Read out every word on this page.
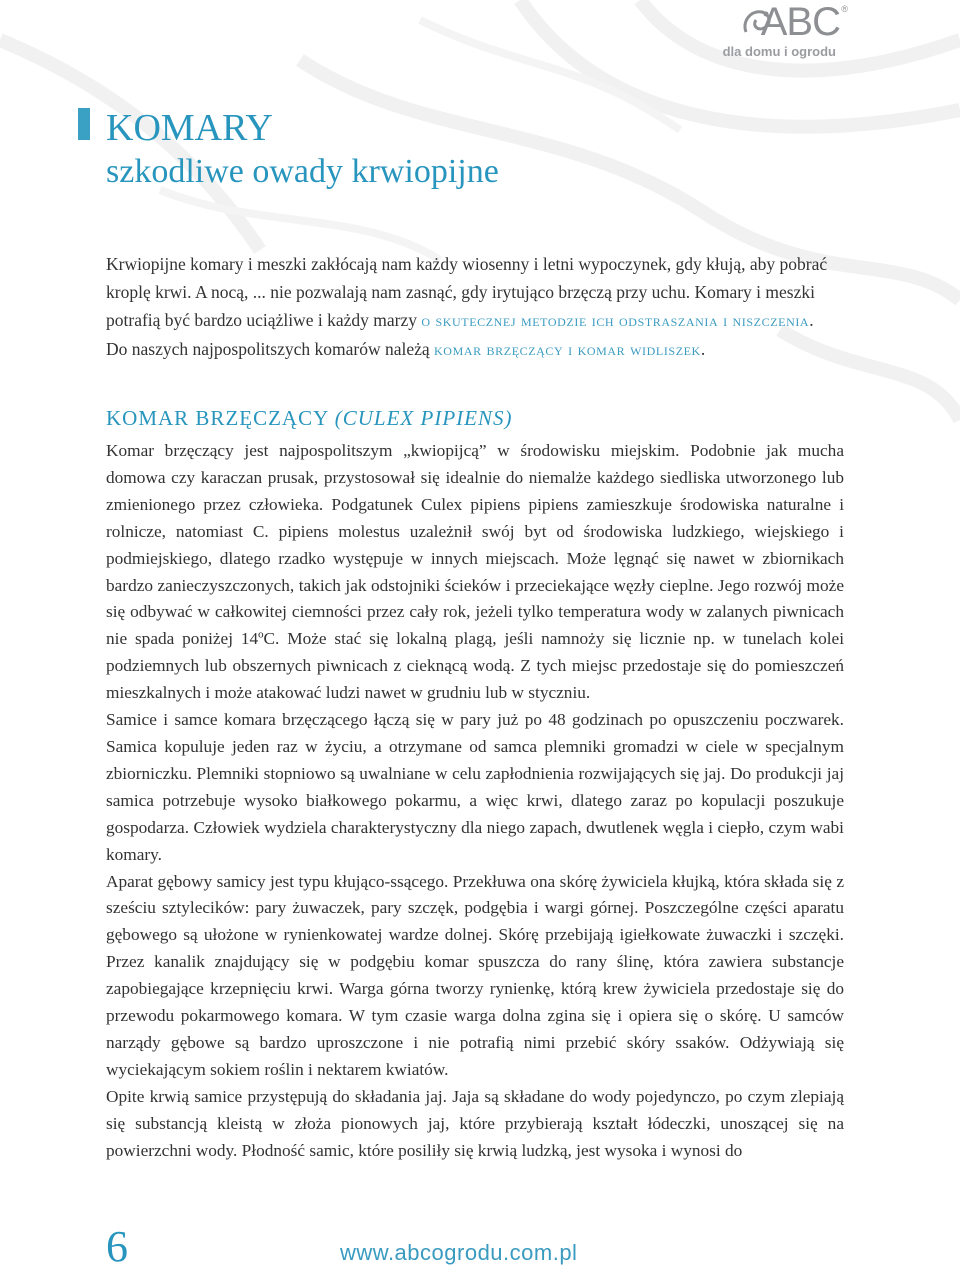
ABC ®
dla domu i ogrodu
KOMARY
szkodliwe owady krwiopijne
Krwiopijne komary i meszki zakłócają nam każdy wiosenny i letni wypoczynek, gdy kłują, aby pobrać kroplę krwi. A nocą, ... nie pozwalają nam zasnąć, gdy irytująco brzęczą przy uchu. Komary i meszki potrafią być bardzo uciążliwe i każdy marzy o skutecznej metodzie ich odstraszania i niszczenia.
Do naszych najpospolitszych komarów należą komar brzęczący i komar widliszek.
KOMAR BRZĘCZĄCY (CULEX PIPIENS)

Komar brzęczący jest najpospolitszym „kwiopijcą” w środowisku miejskim. Podobnie jak mucha domowa czy karaczan prusak, przystosował się idealnie do niemalże każdego siedliska utworzonego lub zmienionego przez człowieka. Podgatunek Culex pipiens pipiens zamieszkuje środowiska naturalne i rolnicze, natomiast C. pipiens molestus uzależnił swój byt od środowiska ludzkiego, wiejskiego i podmiejskiego, dlatego rzadko występuje w innych miejscach. Może lęgnąć się nawet w zbiornikach bardzo zanieczyszczonych, takich jak odstojniki ścieków i przeciekające węzły cieplne. Jego rozwój może się odbywać w całkowitej ciemności przez cały rok, jeżeli tylko temperatura wody w zalanych piwnicach nie spada poniżej 14ºC. Może stać się lokalną plagą, jeśli namnoży się licznie np. w tunelach kolei podziemnych lub obszernych piwnicach z cieknącą wodą. Z tych miejsc przedostaje się do pomieszczeń mieszkalnych i może atakować ludzi nawet w grudniu lub w styczniu.

Samice i samce komara brzęczącego łączą się w pary już po 48 godzinach po opuszczeniu poczwarek. Samica kopuluje jeden raz w życiu, a otrzymane od samca plemniki gromadzi w ciele w specjalnym zbiorniczku. Plemniki stopniowo są uwalniane w celu zapłodnienia rozwijających się jaj. Do produkcji jaj samica potrzebuje wysoko białkowego pokarmu, a więc krwi, dlatego zaraz po kopulacji poszukuje gospodarza. Człowiek wydziela charakterystyczny dla niego zapach, dwutlenek węgla i ciepło, czym wabi komary.

Aparat gębowy samicy jest typu kłująco-ssącego. Przekłuwa ona skórę żywiciela kłujką, która składa się z sześciu sztylecików: pary żuwaczek, pary szczęk, podgębia i wargi górnej. Poszczególne części aparatu gębowego są ułożone w rynienkowatej wardze dolnej. Skórę przebijają igiełkowate żuwaczki i szczęki. Przez kanalik znajdujący się w podgębiu komar spuszcza do rany ślinę, która zawiera substancje zapobiegające krzepnięciu krwi. Warga górna tworzy rynienkę, którą krew żywiciela przedostaje się do przewodu pokarmowego komara. W tym czasie warga dolna zgina się i opiera się o skórę. U samców narządy gębowe są bardzo uproszczone i nie potrafią nimi przebić skóry ssaków. Odżywiają się wyciekającym sokiem roślin i nektarem kwiatów.

Opite krwią samice przystępują do składania jaj. Jaja są składane do wody pojedynczo, po czym zlepiają się substancją kleistą w złoża pionowych jaj, które przybierają kształt łódeczki, unoszącej się na powierzchni wody. Płodność samic, które posiliły się krwią ludzką, jest wysoka i wynosi do

6	www.abcogrodu.com.pl
